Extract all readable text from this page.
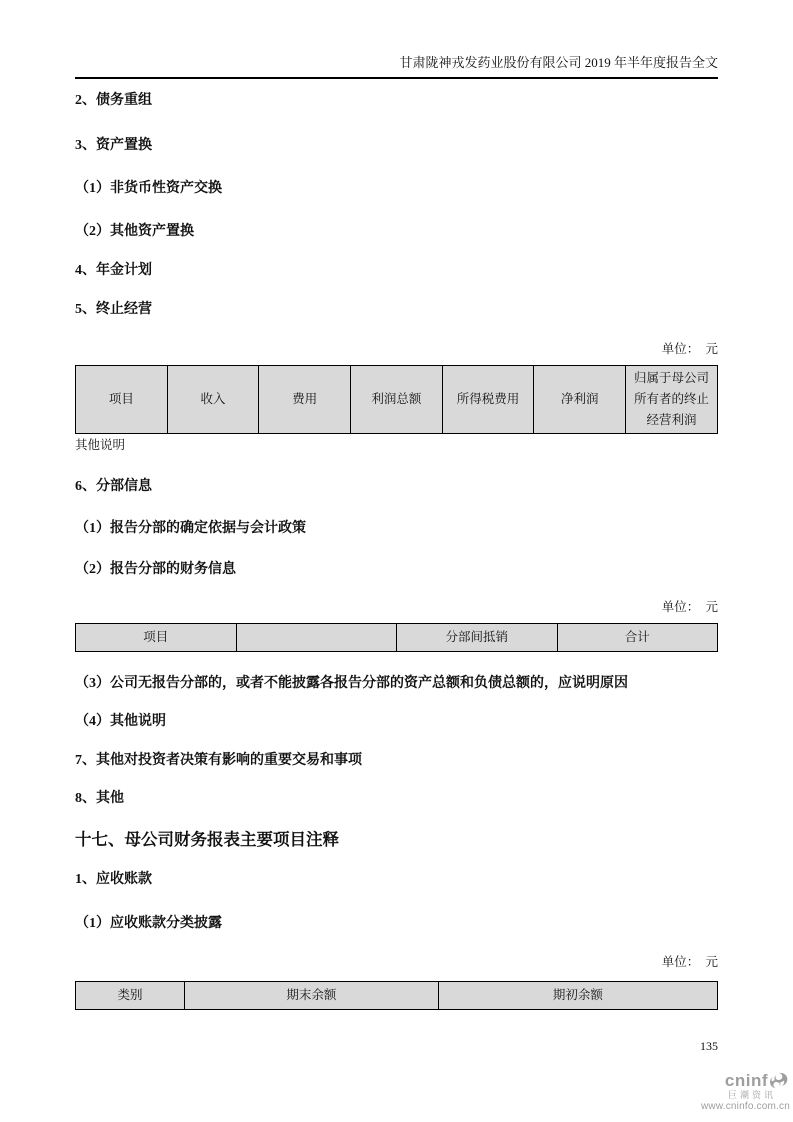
甘肃陇神戎发药业股份有限公司 2019 年半年度报告全文
2、债务重组
3、资产置换
（1）非货币性资产交换
（2）其他资产置换
4、年金计划
5、终止经营
单位：  元
项目	收入	费用	利润总额	所得税费用	净利润	归属于母公司所有者的终止经营利润
其他说明
6、分部信息
（1）报告分部的确定依据与会计政策
（2）报告分部的财务信息
单位：  元
项目		分部间抵销	合计
（3）公司无报告分部的，或者不能披露各报告分部的资产总额和负债总额的，应说明原因
（4）其他说明
7、其他对投资者决策有影响的重要交易和事项
8、其他
十七、母公司财务报表主要项目注释
1、应收账款
（1）应收账款分类披露
单位：  元
类别	期末余额	期初余额
135
cninf
巨潮资讯
www.cninfo.com.cn
